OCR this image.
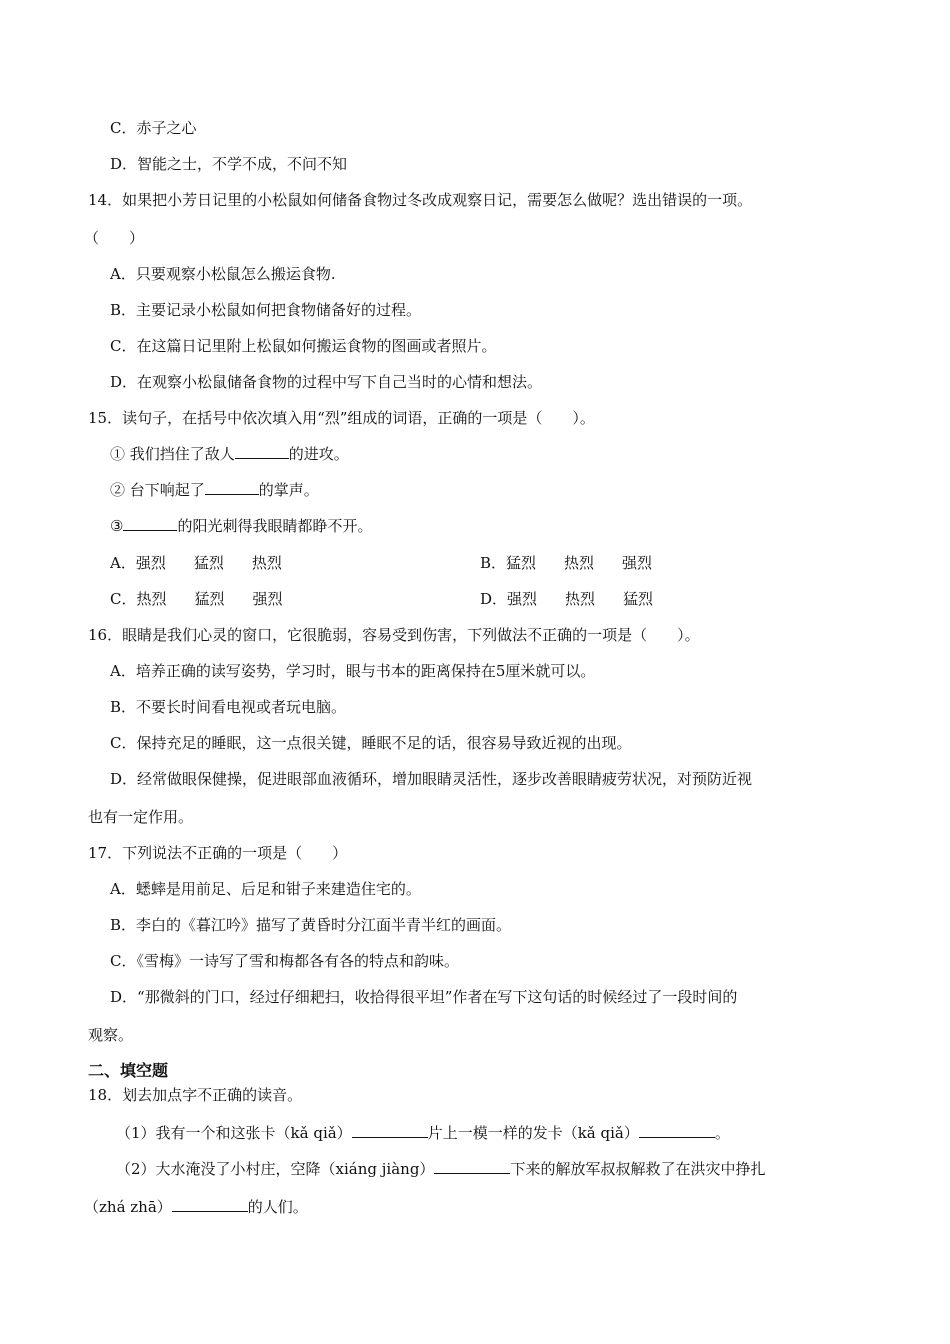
C．赤子之心
D．智能之士，不学不成，不问不知
14．如果把小芳日记里的小松鼠如何储备食物过冬改成观察日记，需要怎么做呢？选出错误的一项。
（　　）
A．只要观察小松鼠怎么搬运食物.
B．主要记录小松鼠如何把食物储备好的过程。
C．在这篇日记里附上松鼠如何搬运食物的图画或者照片。
D．在观察小松鼠储备食物的过程中写下自己当时的心情和想法。
15．读句子，在括号中依次填入用“烈”组成的词语，正确的一项是（　　）。
① 我们挡住了敌人	的进攻。
② 台下响起了	的掌声。
③	的阳光刺得我眼睛都睁不开。
A．强烈 猛烈 热烈	B．猛烈 热烈 强烈
C．热烈 猛烈 强烈	D．强烈 热烈 猛烈
16．眼睛是我们心灵的窗口，它很脆弱，容易受到伤害，下列做法不正确的一项是（　　）。
A．培养正确的读写姿势，学习时，眼与书本的距离保持在5厘米就可以。
B．不要长时间看电视或者玩电脑。
C．保持充足的睡眠，这一点很关键，睡眠不足的话，很容易导致近视的出现。
D．经常做眼保健操，促进眼部血液循环，增加眼睛灵活性，逐步改善眼睛疲劳状况，对预防近视
也有一定作用。
17．下列说法不正确的一项是（　　）
A．蟋蟀是用前足、后足和钳子来建造住宅的。
B．李白的《暮江吟》描写了黄昏时分江面半青半红的画面。
C．《雪梅》一诗写了雪和梅都各有各的特点和韵味。
D．“那微斜的门口，经过仔细耙扫，收拾得很平坦”作者在写下这句话的时候经过了一段时间的
观察。
二、填空题
18．划去加点字不正确的读音。
（1）我有一个和这张卡（kǎ qiǎ）	片上一模一样的发卡（kǎ qiǎ）	。
（2）大水淹没了小村庄，空降（xiáng jiàng）	下来的解放军叔叔解救了在洪灾中挣扎
（zhá zhā）	的人们。
